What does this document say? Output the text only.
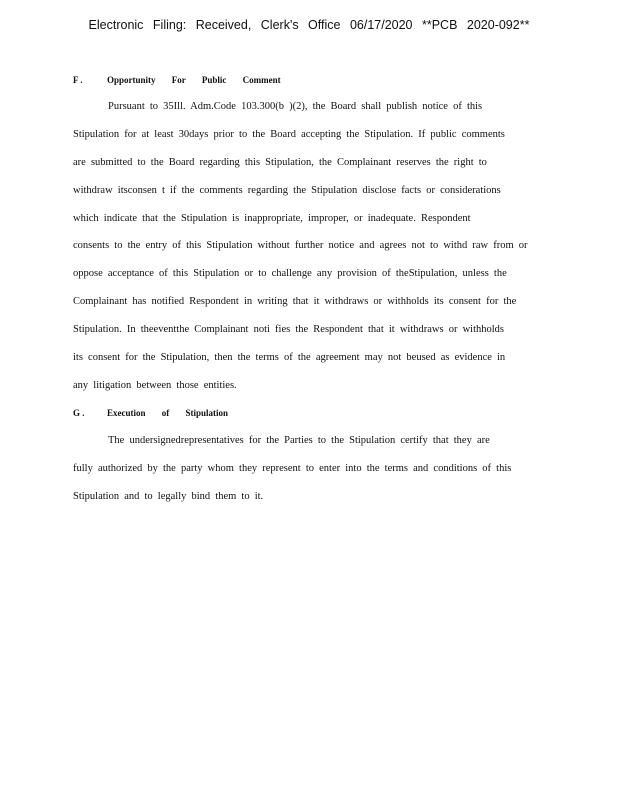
Electronic Filing: Received, Clerk's Office 06/17/2020 **PCB 2020-092**
F .	Opportunity For Public Comment
Pursuant to 35Ill. Adm.Code 103.300(b )(2), the Board shall publish notice of this
Stipulation for at least 30days prior to the Board accepting the Stipulation. If public comments
are submitted to the Board regarding this Stipulation, the Complainant reserves the right to
withdraw itsconsen t if the comments regarding the Stipulation disclose facts or considerations
which indicate that the Stipulation is inappropriate, improper, or inadequate. Respondent
consents to the entry of this Stipulation without further notice and agrees not to withd raw from or
oppose acceptance of this Stipulation or to challenge any provision of theStipulation, unless the
Complainant has notified Respondent in writing that it withdraws or withholds its consent for the
Stipulation. In theeventthe Complainant noti fies the Respondent that it withdraws or withholds
its consent for the Stipulation, then the terms of the agreement may not beused as evidence in
any litigation between those entities.
G . Execution of Stipulation
The undersignedrepresentatives for the Parties to the Stipulation certify that they are
fully authorized by the party whom they represent to enter into the terms and conditions of this
Stipulation and to legally bind them to it.
